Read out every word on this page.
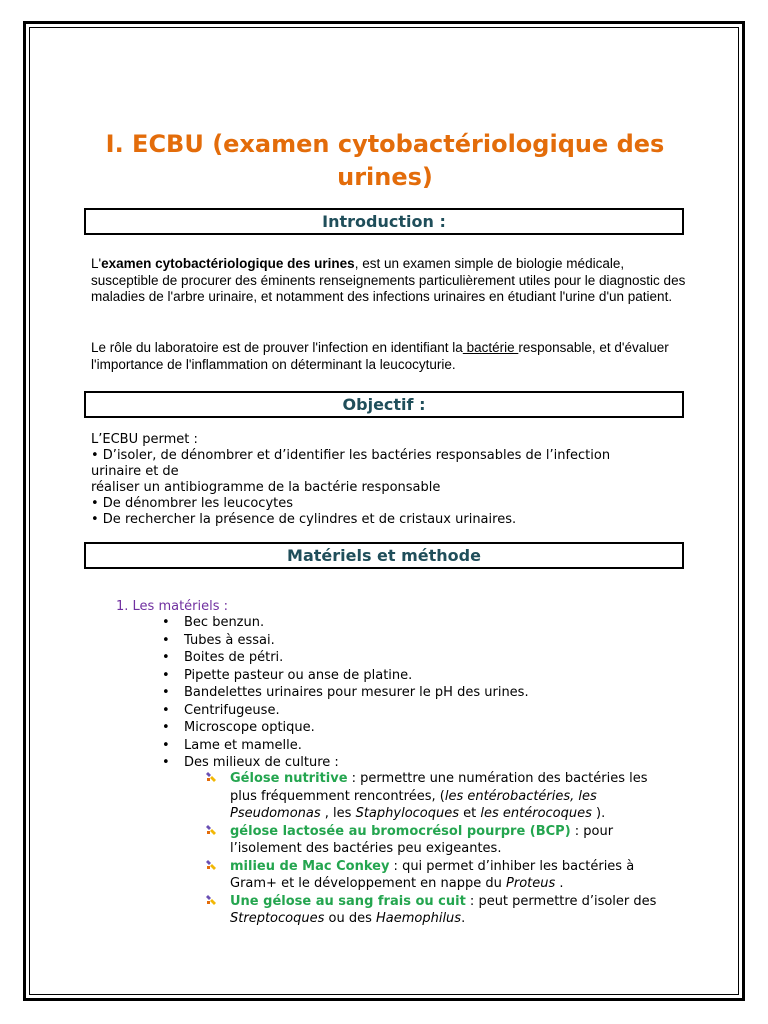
I. ECBU (examen cytobactériologique des urines)
Introduction :

L'examen cytobactériologique des urines, est un examen simple de biologie médicale, susceptible de procurer des éminents renseignements particulièrement utiles pour le diagnostic des maladies de l'arbre urinaire, et notamment des infections urinaires en étudiant l'urine d'un patient.

Le rôle du laboratoire est de prouver l'infection en identifiant la bactérie responsable, et d'évaluer l'importance de l'inflammation on déterminant la leucocyturie.

Objectif :
L’ECBU permet :
• D’isoler, de dénombrer et d’identifier les bactéries responsables de l’infection
urinaire et de
réaliser un antibiogramme de la bactérie responsable
• De dénombrer les leucocytes
• De rechercher la présence de cylindres et de cristaux urinaires.
Matériels et méthode

1. Les matériels :

• Bec benzun.
• Tubes à essai.
• Boites de pétri.
• Pipette pasteur ou anse de platine.
• Bandelettes urinaires pour mesurer le pH des urines.
• Centrifugeuse.
• Microscope optique.
• Lame et mamelle.
• Des milieux de culture :
Gélose nutritive : permettre une numération des bactéries les plus fréquemment rencontrées, (les entérobactéries, les Pseudomonas , les Staphylocoques et les entérocoques ).
gélose lactosée au bromocrésol pourpre (BCP) : pour l’isolement des bactéries peu exigeantes.
milieu de Mac Conkey : qui permet d’inhiber les bactéries à Gram+ et le développement en nappe du Proteus .
Une gélose au sang frais ou cuit : peut permettre d’isoler des Streptocoques ou des Haemophilus.
